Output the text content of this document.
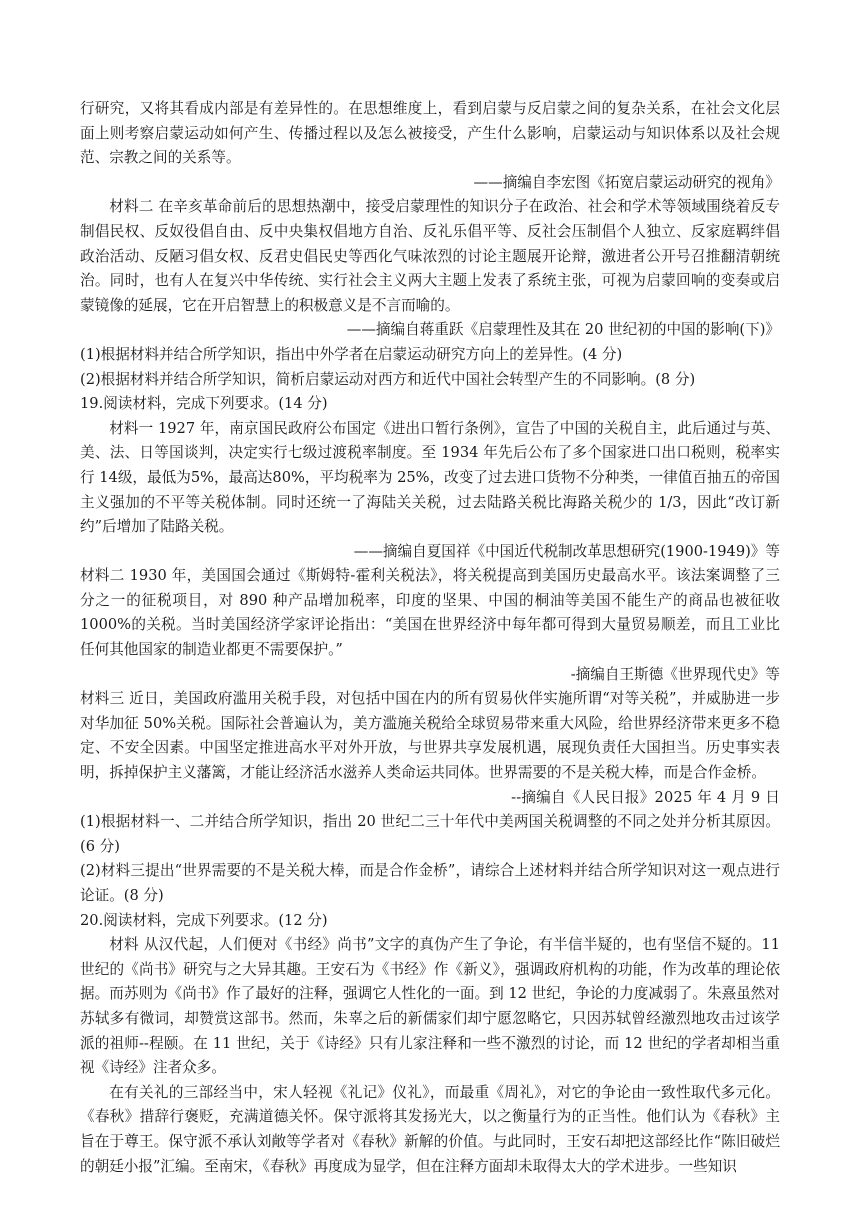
行研究，又将其看成内部是有差异性的。在思想维度上，看到启蒙与反启蒙之间的复杂关系，在社会文化层面上则考察启蒙运动如何产生、传播过程以及怎么被接受，产生什么影响，启蒙运动与知识体系以及社会规范、宗教之间的关系等。

——摘编自李宏图《拓宽启蒙运动研究的视角》

材料二 在辛亥革命前后的思想热潮中，接受启蒙理性的知识分子在政治、社会和学术等领域围绕着反专制倡民权、反奴役倡自由、反中央集权倡地方自治、反礼乐倡平等、反社会压制倡个人独立、反家庭羁绊倡政治活动、反陋习倡女权、反君史倡民史等西化气味浓烈的讨论主题展开论辩，激进者公开号召推翻清朝统治。同时，也有人在复兴中华传统、实行社会主义两大主题上发表了系统主张，可视为启蒙回响的变奏或启蒙镜像的延展，它在开启智慧上的积极意义是不言而喻的。

——摘编自蒋重跃《启蒙理性及其在 20 世纪初的中国的影响(下)》

(1)根据材料并结合所学知识，指出中外学者在启蒙运动研究方向上的差异性。(4 分)

(2)根据材料并结合所学知识，简析启蒙运动对西方和近代中国社会转型产生的不同影响。(8 分)

19.阅读材料，完成下列要求。(14 分)

材料一 1927 年，南京国民政府公布国定《进出口暂行条例》，宣告了中国的关税自主，此后通过与英、美、法、日等国谈判，决定实行七级过渡税率制度。至 1934 年先后公布了多个国家进口出口税则，税率实行 14级，最低为5%，最高达80%，平均税率为 25%，改变了过去进口货物不分种类，一律值百抽五的帝国主义强加的不平等关税体制。同时还统一了海陆关关税，过去陆路关税比海路关税少的 1/3，因此“改订新约”后增加了陆路关税。

——摘编自夏国祥《中国近代税制改革思想研究(1900-1949)》等

材料二 1930 年，美国国会通过《斯姆特-霍利关税法》，将关税提高到美国历史最高水平。该法案调整了三分之一的征税项目，对 890 种产品增加税率，印度的坚果、中国的桐油等美国不能生产的商品也被征收 1000%的关税。当时美国经济学家评论指出：“美国在世界经济中每年都可得到大量贸易顺差，而且工业比任何其他国家的制造业都更不需要保护。”

-摘编自王斯德《世界现代史》等

材料三 近日，美国政府滥用关税手段，对包括中国在内的所有贸易伙伴实施所谓“对等关税”，并威胁进一步对华加征 50%关税。国际社会普遍认为，美方滥施关税给全球贸易带来重大风险，给世界经济带来更多不稳定、不安全因素。中国坚定推进高水平对外开放，与世界共享发展机遇，展现负责任大国担当。历史事实表明，拆掉保护主义藩篱，才能让经济活水滋养人类命运共同体。世界需要的不是关税大棒，而是合作金桥。

--摘编自《人民日报》2025 年 4 月 9 日

(1)根据材料一、二并结合所学知识，指出 20 世纪二三十年代中美两国关税调整的不同之处并分析其原因。(6 分)

(2)材料三提出“世界需要的不是关税大棒，而是合作金桥”，请综合上述材料并结合所学知识对这一观点进行论证。(8 分)

20.阅读材料，完成下列要求。(12 分)

材料 从汉代起，人们便对《书经》尚书”文字的真伪产生了争论，有半信半疑的，也有坚信不疑的。11 世纪的《尚书》研究与之大异其趣。王安石为《书经》作《新义》，强调政府机构的功能，作为改革的理论依据。而苏则为《尚书》作了最好的注释，强调它人性化的一面。到 12 世纪，争论的力度减弱了。朱熹虽然对苏轼多有微词，却赞赏这部书。然而，朱辜之后的新儒家们却宁愿忽略它，只因苏轼曾经激烈地攻击过该学派的祖师--程颐。在 11 世纪，关于《诗经》只有儿家注释和一些不激烈的讨论，而 12 世纪的学者却相当重视《诗经》注者众多。

在有关礼的三部经当中，宋人轻视《礼记》仪礼》，而最重《周礼》，对它的争论由一致性取代多元化。《春秋》措辞行褒贬，充满道德关怀。保守派将其发扬光大，以之衡量行为的正当性。他们认为《春秋》主旨在于尊王。保守派不承认刘敞等学者对《春秋》新解的价值。与此同时，王安石却把这部经比作“陈旧破烂的朝廷小报”汇编。至南宋，《春秋》再度成为显学，但在注释方面却未取得太大的学术进步。一些知识
